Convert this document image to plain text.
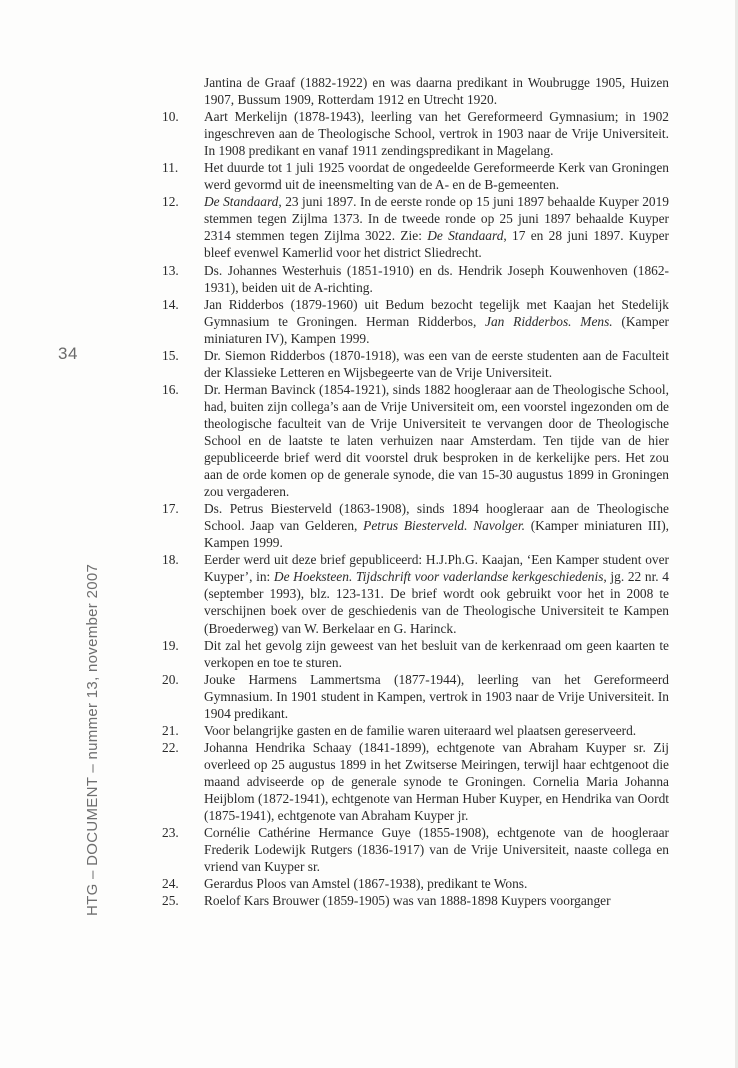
34
HTG – DOCUMENT – nummer 13, november 2007
Jantina de Graaf (1882-1922) en was daarna predikant in Woubrugge 1905, Huizen 1907, Bussum 1909, Rotterdam 1912 en Utrecht 1920.
10.	Aart Merkelijn (1878-1943), leerling van het Gereformeerd Gymnasium; in 1902 ingeschreven aan de Theologische School, vertrok in 1903 naar de Vrije Universiteit. In 1908 predikant en vanaf 1911 zendingspredikant in Magelang.
11.	Het duurde tot 1 juli 1925 voordat de ongedeelde Gereformeerde Kerk van Groningen werd gevormd uit de ineensmelting van de A- en de B-gemeenten.
12.	De Standaard, 23 juni 1897. In de eerste ronde op 15 juni 1897 behaalde Kuyper 2019 stemmen tegen Zijlma 1373. In de tweede ronde op 25 juni 1897 behaalde Kuyper 2314 stemmen tegen Zijlma 3022. Zie: De Standaard, 17 en 28 juni 1897. Kuyper bleef evenwel Kamerlid voor het district Sliedrecht.
13.	Ds. Johannes Westerhuis (1851-1910) en ds. Hendrik Joseph Kouwenhoven (1862-1931), beiden uit de A-richting.
14.	Jan Ridderbos (1879-1960) uit Bedum bezocht tegelijk met Kaajan het Stedelijk Gymnasium te Groningen. Herman Ridderbos, Jan Ridderbos. Mens. (Kamper miniaturen IV), Kampen 1999.
15.	Dr. Siemon Ridderbos (1870-1918), was een van de eerste studenten aan de Faculteit der Klassieke Letteren en Wijsbegeerte van de Vrije Universiteit.
16.	Dr. Herman Bavinck (1854-1921), sinds 1882 hoogleraar aan de Theologische School, had, buiten zijn collega’s aan de Vrije Universiteit om, een voorstel ingezonden om de theologische faculteit van de Vrije Universiteit te vervangen door de Theologische School en de laatste te laten verhuizen naar Amsterdam. Ten tijde van de hier gepubliceerde brief werd dit voorstel druk besproken in de kerkelijke pers. Het zou aan de orde komen op de generale synode, die van 15-30 augustus 1899 in Groningen zou vergaderen.
17.	Ds. Petrus Biesterveld (1863-1908), sinds 1894 hoogleraar aan de Theologische School. Jaap van Gelderen, Petrus Biesterveld. Navolger. (Kamper miniaturen III), Kampen 1999.
18.	Eerder werd uit deze brief gepubliceerd: H.J.Ph.G. Kaajan, ‘Een Kamper student over Kuyper’, in: De Hoeksteen. Tijdschrift voor vaderlandse kerkgeschiedenis, jg. 22 nr. 4 (september 1993), blz. 123-131. De brief wordt ook gebruikt voor het in 2008 te verschijnen boek over de geschiedenis van de Theologische Universiteit te Kampen (Broederweg) van W. Berkelaar en G. Harinck.
19.	Dit zal het gevolg zijn geweest van het besluit van de kerkenraad om geen kaarten te verkopen en toe te sturen.
20.	Jouke Harmens Lammertsma (1877-1944), leerling van het Gereformeerd Gymnasium. In 1901 student in Kampen, vertrok in 1903 naar de Vrije Universiteit. In 1904 predikant.
21.	Voor belangrijke gasten en de familie waren uiteraard wel plaatsen gereserveerd.
22.	Johanna Hendrika Schaay (1841-1899), echtgenote van Abraham Kuyper sr. Zij overleed op 25 augustus 1899 in het Zwitserse Meiringen, terwijl haar echtgenoot die maand adviseerde op de generale synode te Groningen. Cornelia Maria Johanna Heijblom (1872-1941), echtgenote van Herman Huber Kuyper, en Hendrika van Oordt (1875-1941), echtgenote van Abraham Kuyper jr.
23.	Cornélie Cathérine Hermance Guye (1855-1908), echtgenote van de hoogleraar Frederik Lodewijk Rutgers (1836-1917) van de Vrije Universiteit, naaste collega en vriend van Kuyper sr.
24.	Gerardus Ploos van Amstel (1867-1938), predikant te Wons.
25.	Roelof Kars Brouwer (1859-1905) was van 1888-1898 Kuypers voorganger
